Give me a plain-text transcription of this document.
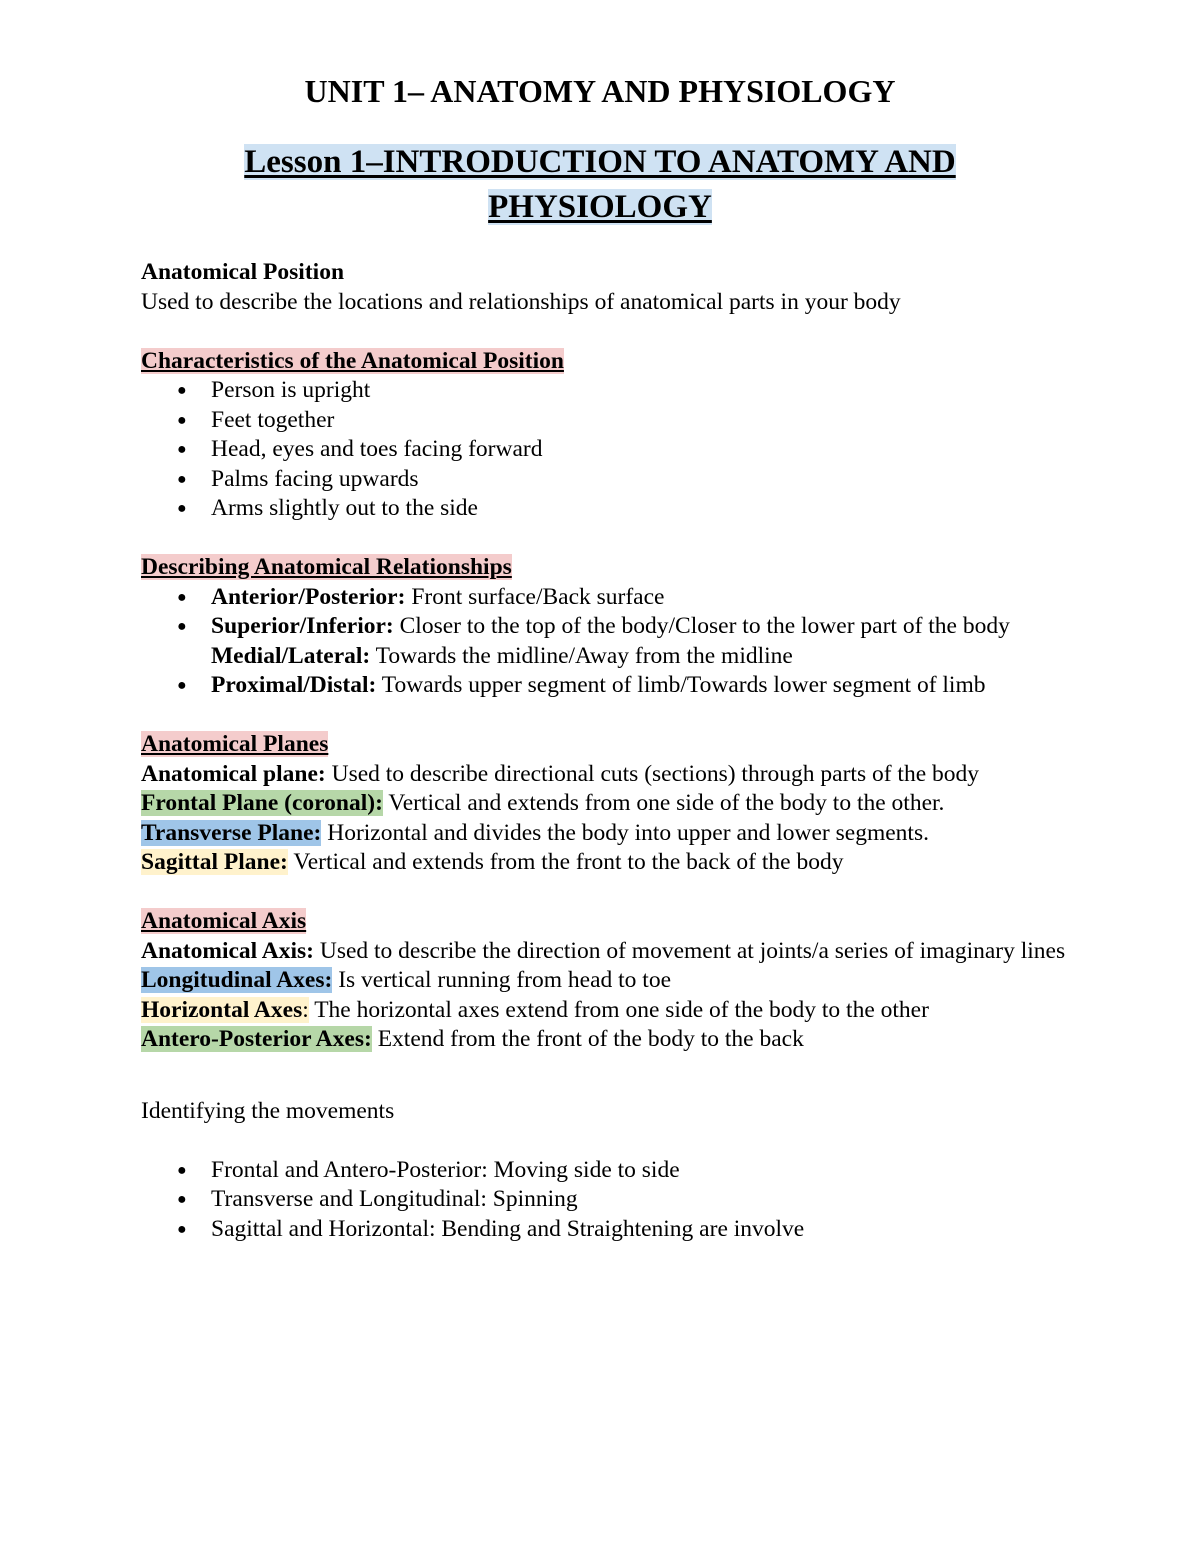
UNIT 1– ANATOMY AND PHYSIOLOGY
Lesson 1–INTRODUCTION TO ANATOMY AND
PHYSIOLOGY

Anatomical Position

Used to describe the locations and relationships of anatomical parts in your body

Characteristics of the Anatomical Position

● Person is upright
● Feet together
● Head, eyes and toes facing forward
● Palms facing upwards
● Arms slightly out to the side

Describing Anatomical Relationships

● Anterior/Posterior: Front surface/Back surface
● Superior/Inferior: Closer to the top of the body/Closer to the lower part of the body Medial/Lateral: Towards the midline/Away from the midline
● Proximal/Distal: Towards upper segment of limb/Towards lower segment of limb

Anatomical Planes

Anatomical plane: Used to describe directional cuts (sections) through parts of the body

Frontal Plane (coronal): Vertical and extends from one side of the body to the other.

Transverse Plane: Horizontal and divides the body into upper and lower segments.

Sagittal Plane: Vertical and extends from the front to the back of the body

Anatomical Axis

Anatomical Axis: Used to describe the direction of movement at joints/a series of imaginary lines

Longitudinal Axes: Is vertical running from head to toe

Horizontal Axes: The horizontal axes extend from one side of the body to the other

Antero-Posterior Axes: Extend from the front of the body to the back

Identifying the movements

● Frontal and Antero-Posterior: Moving side to side
● Transverse and Longitudinal: Spinning
● Sagittal and Horizontal: Bending and Straightening are involve
